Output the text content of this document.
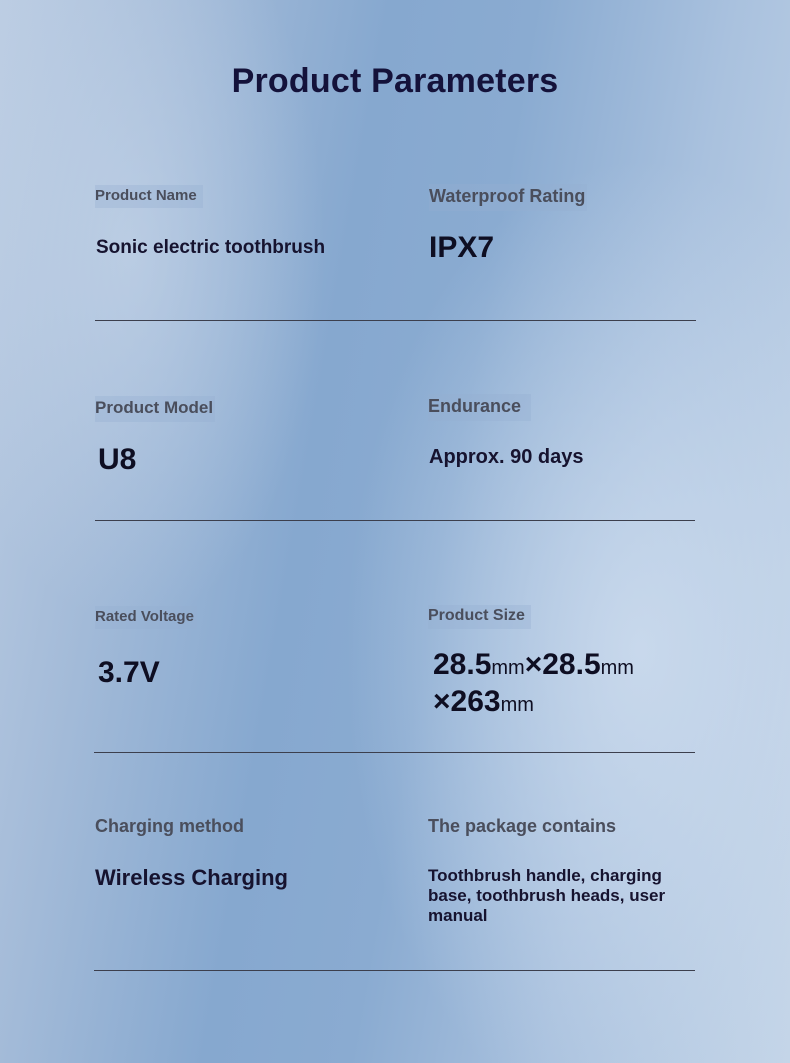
Product Parameters
Product Name
Sonic electric toothbrush
Waterproof Rating
IPX7
Product Model
U8
Endurance
Approx. 90 days
Rated Voltage
3.7V
Product Size
28.5mm×28.5mm
×263mm
Charging method
Wireless Charging
The package contains
Toothbrush handle, charging base, toothbrush heads, user manual
